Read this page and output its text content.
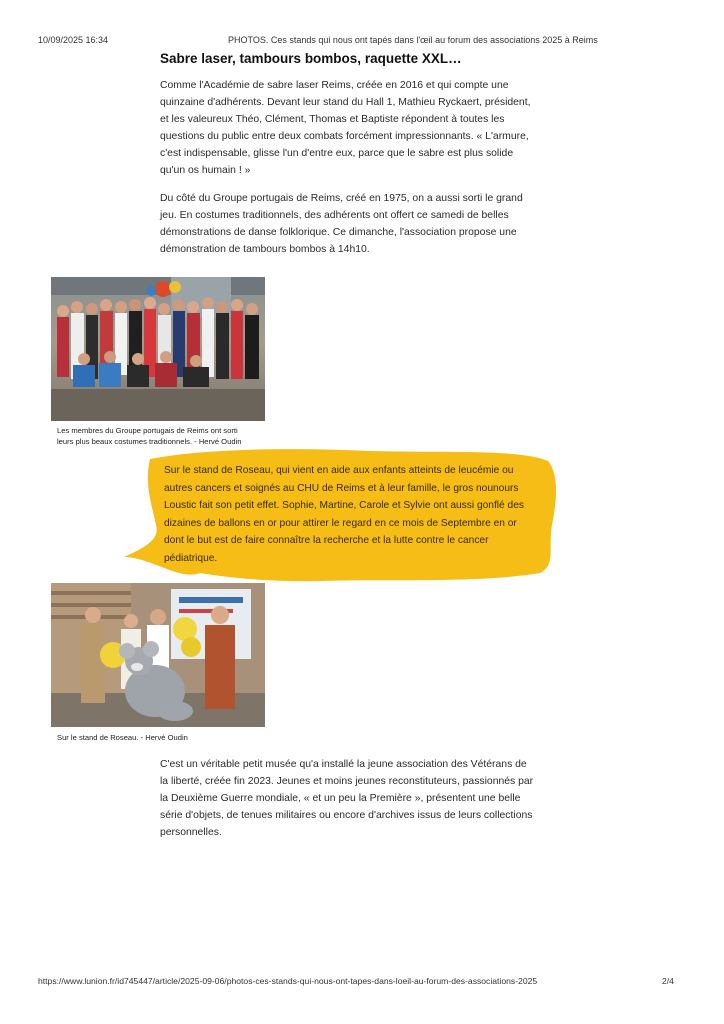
10/09/2025 16:34	PHOTOS. Ces stands qui nous ont tapés dans l'œil au forum des associations 2025 à Reims
Sabre laser, tambours bombos, raquette XXL…
Comme l'Académie de sabre laser Reims, créée en 2016 et qui compte une
quinzaine d'adhérents. Devant leur stand du Hall 1, Mathieu Ryckaert, président,
et les valeureux Théo, Clément, Thomas et Baptiste répondent à toutes les
questions du public entre deux combats forcément impressionnants. « L'armure,
c'est indispensable, glisse l'un d'entre eux, parce que le sabre est plus solide
qu'un os humain ! »
Du côté du Groupe portugais de Reims, créé en 1975, on a aussi sorti le grand
jeu. En costumes traditionnels, des adhérents ont offert ce samedi de belles
démonstrations de danse folklorique. Ce dimanche, l'association propose une
démonstration de tambours bombos à 14h10.
Les membres du Groupe portugais de Reims ont sorti
leurs plus beaux costumes traditionnels. - Hervé Oudin
Sur le stand de Roseau, qui vient en aide aux enfants atteints de leucémie ou
autres cancers et soignés au CHU de Reims et à leur famille, le gros nounours
Loustic fait son petit effet. Sophie, Martine, Carole et Sylvie ont aussi gonflé des
dizaines de ballons en or pour attirer le regard en ce mois de Septembre en or
dont le but est de faire connaître la recherche et la lutte contre le cancer
pédiatrique.
Sur le stand de Roseau. - Hervé Oudin
C'est un véritable petit musée qu'a installé la jeune association des Vétérans de
la liberté, créée fin 2023. Jeunes et moins jeunes reconstituteurs, passionnés par
la Deuxième Guerre mondiale, « et un peu la Première », présentent une belle
série d'objets, de tenues militaires ou encore d'archives issus de leurs collections
personnelles.
https://www.lunion.fr/id745447/article/2025-09-06/photos-ces-stands-qui-nous-ont-tapes-dans-loeil-au-forum-des-associations-2025	2/4
